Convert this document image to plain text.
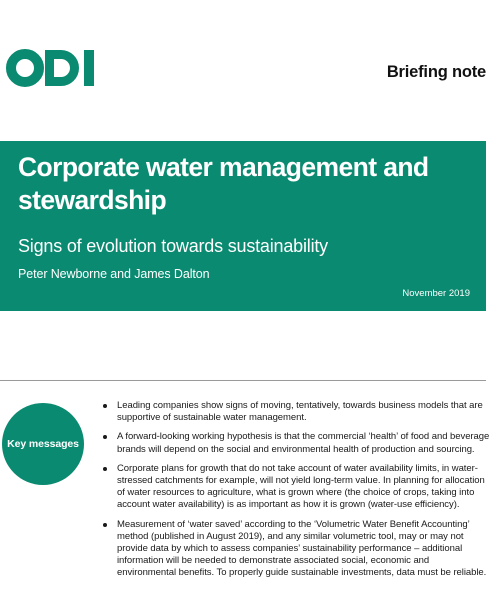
Briefing note
Corporate water management and stewardship
Signs of evolution towards sustainability

Peter Newborne and James Dalton

November 2019

Key messages
Leading companies show signs of moving, tentatively, towards business models that are supportive of sustainable water management.
A forward-looking working hypothesis is that the commercial ‘health’ of food and beverage brands will depend on the social and environmental health of production and sourcing.
Corporate plans for growth that do not take account of water availability limits, in water-stressed catchments for example, will not yield long-term value. In planning for allocation of water resources to agriculture, what is grown where (the choice of crops, taking into account water availability) is as important as how it is grown (water-use efficiency).
Measurement of ‘water saved’ according to the ‘Volumetric Water Benefit Accounting’ method (published in August 2019), and any similar volumetric tool, may or may not provide data by which to assess companies’ sustainability performance – additional information will be needed to demonstrate associated social, economic and environmental benefits. To properly guide sustainable investments, data must be reliable.
